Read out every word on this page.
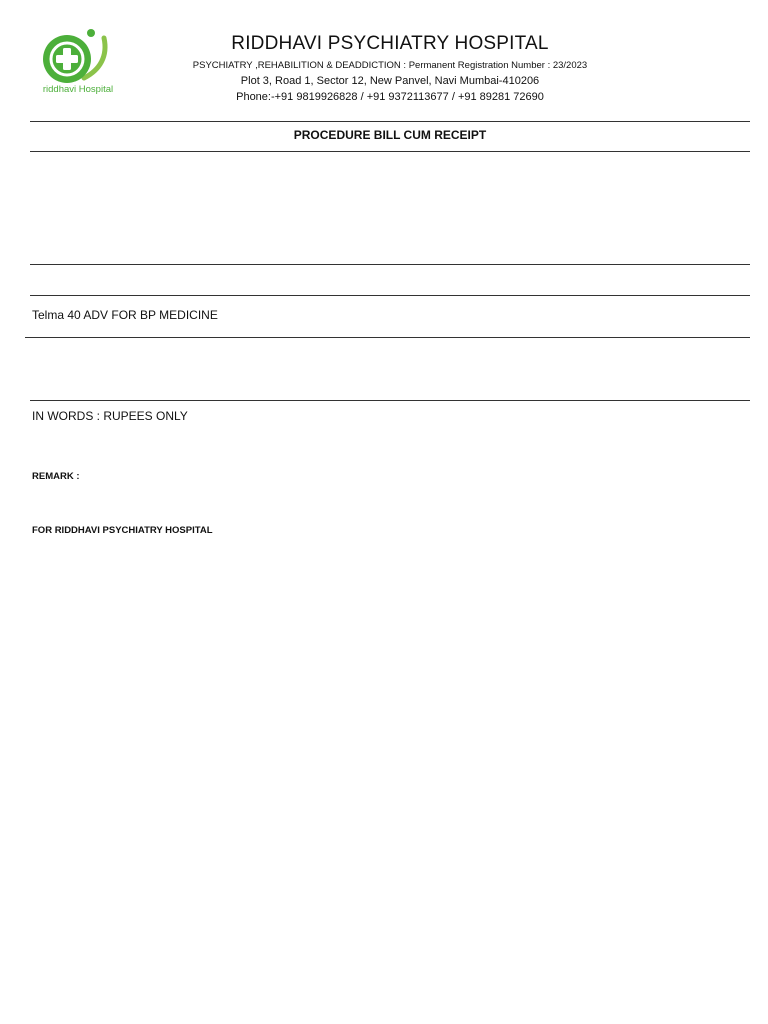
riddhavi Hospital
RIDDHAVI PSYCHIATRY HOSPITAL
PSYCHIATRY ,REHABILITION & DEADDICTION : Permanent Registration Number : 23/2023
Plot 3, Road 1, Sector 12, New Panvel, Navi Mumbai-410206
Phone:-+91 9819926828 / +91 9372113677 / +91 89281 72690
PROCEDURE BILL CUM RECEIPT
Telma 40 ADV FOR BP MEDICINE
IN WORDS : RUPEES ONLY
REMARK :
FOR RIDDHAVI PSYCHIATRY HOSPITAL
